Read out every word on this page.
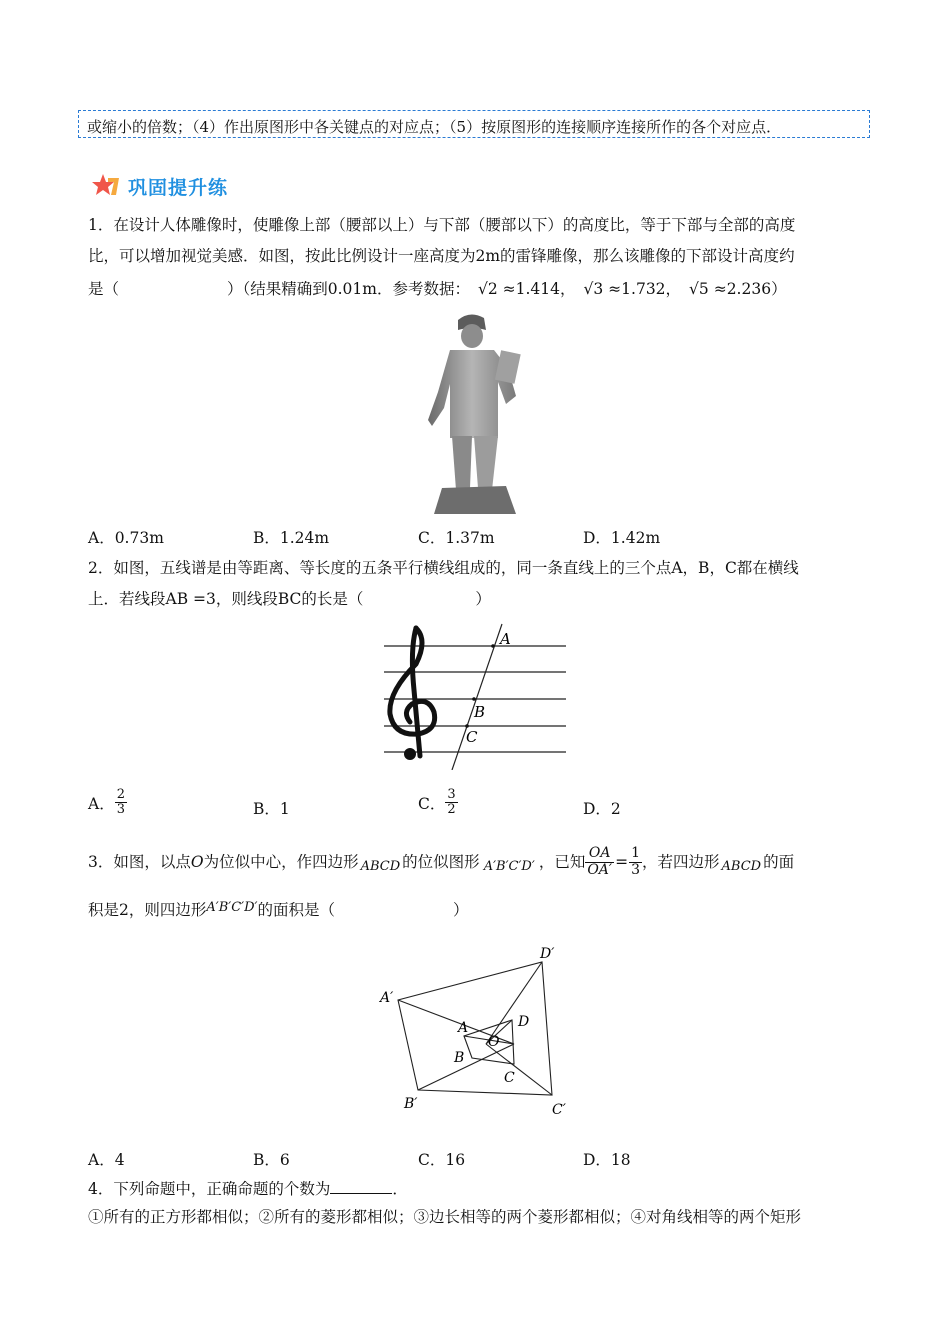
或缩小的倍数；（4）作出原图形中各关键点的对应点；（5）按原图形的连接顺序连接所作的各个对应点．
巩固提升练
1．在设计人体雕像时，使雕像上部（腰部以上）与下部（腰部以下）的高度比，等于下部与全部的高度
比，可以增加视觉美感．如图，按此比例设计一座高度为2m的雷锋雕像，那么该雕像的下部设计高度约
是（	）（结果精确到0.01m．参考数据： √2 ≈1.414， √3 ≈1.732， √5 ≈2.236）
A．0.73m	B．1.24m	C．1.37m	D．1.42m
2．如图，五线谱是由等距离、等长度的五条平行横线组成的，同一条直线上的三个点A，B，C都在横线
上．若线段AB =3，则线段BC的长是（	）
A
B
C
A． $\frac{2}{3}$	B．1	C． $\frac{3}{2}$	D．2
3．如图，以点 O 为位似中心，作四边形 ABCD 的位似图形 A′B′C′D′ ，已知 $\frac{OA}{OA'} = \frac{1}{3}$ ，若四边形 ABCD 的面
积是2，则四边形$^{A'B'C'D'}$的面积是（	）
A′
B′	C′
D′
A
B
C
D
O
A．4	B．6	C．16	D．18
4．下列命题中，正确命题的个数为	．
①所有的正方形都相似；②所有的菱形都相似；③边长相等的两个菱形都相似；④对角线相等的两个矩形
